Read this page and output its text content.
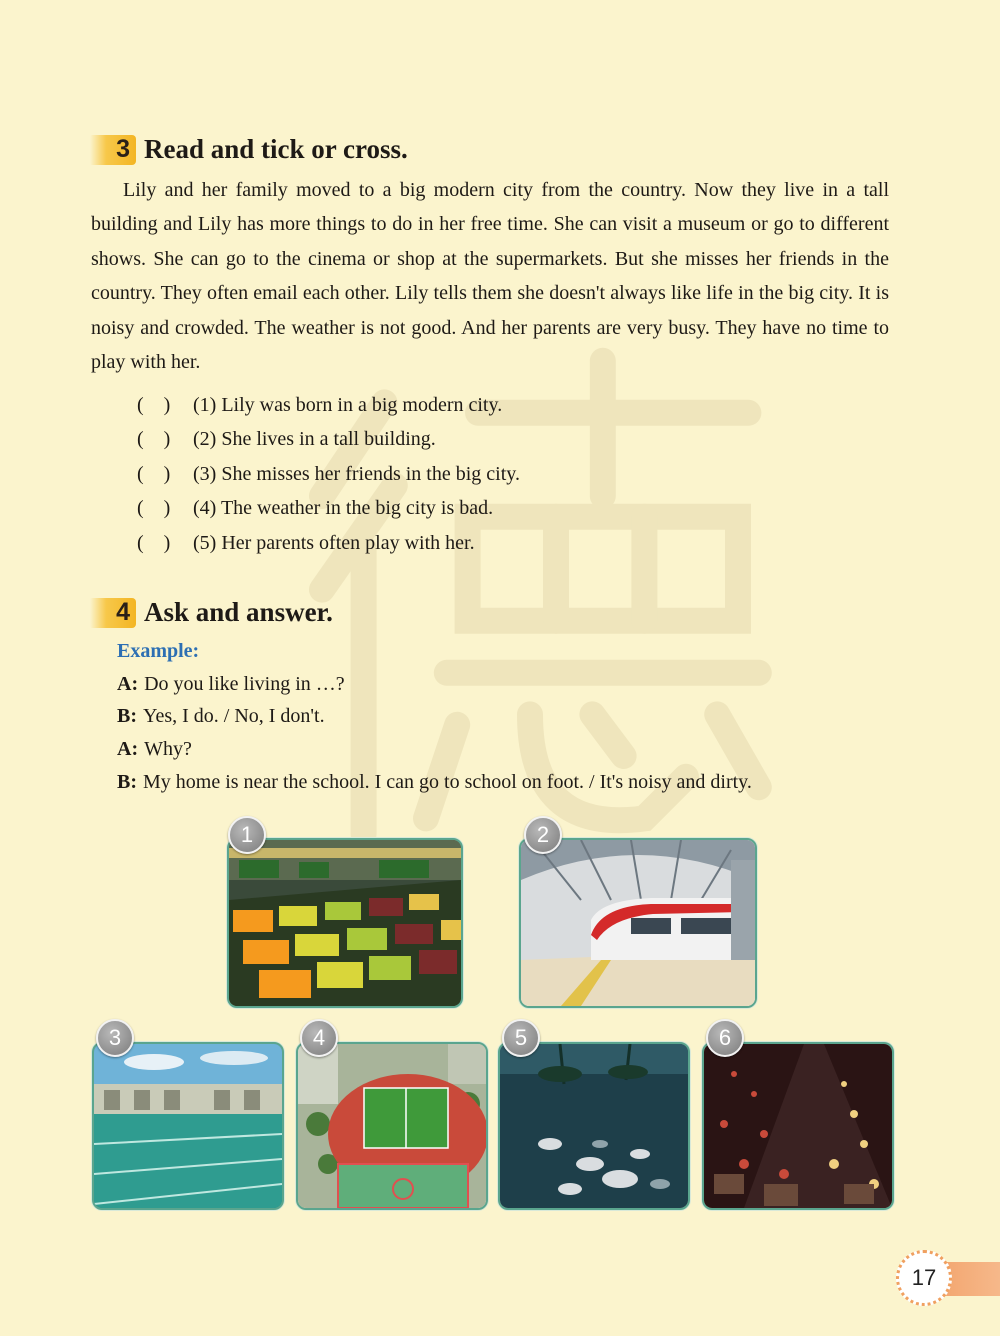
3 Read and tick or cross.
Lily and her family moved to a big modern city from the country. Now they live in a tall building and Lily has more things to do in her free time. She can visit a museum or go to different shows. She can go to the cinema or shop at the supermarkets. But she misses her friends in the country. They often email each other. Lily tells them she doesn't always like life in the big city. It is noisy and crowded. The weather is not good. And her parents are very busy. They have no time to play with her.
(    )	(1) Lily was born in a big modern city.
(    )	(2) She lives in a tall building.
(    )	(3) She misses her friends in the big city.
(    )	(4) The weather in the big city is bad.
(    )	(5) Her parents often play with her.
4 Ask and answer.
Example:
A: Do you like living in …?
B: Yes, I do. / No, I don't.
A: Why?
B: My home is near the school. I can go to school on foot. / It's noisy and dirty.
1	2
3	4	5	6
17
